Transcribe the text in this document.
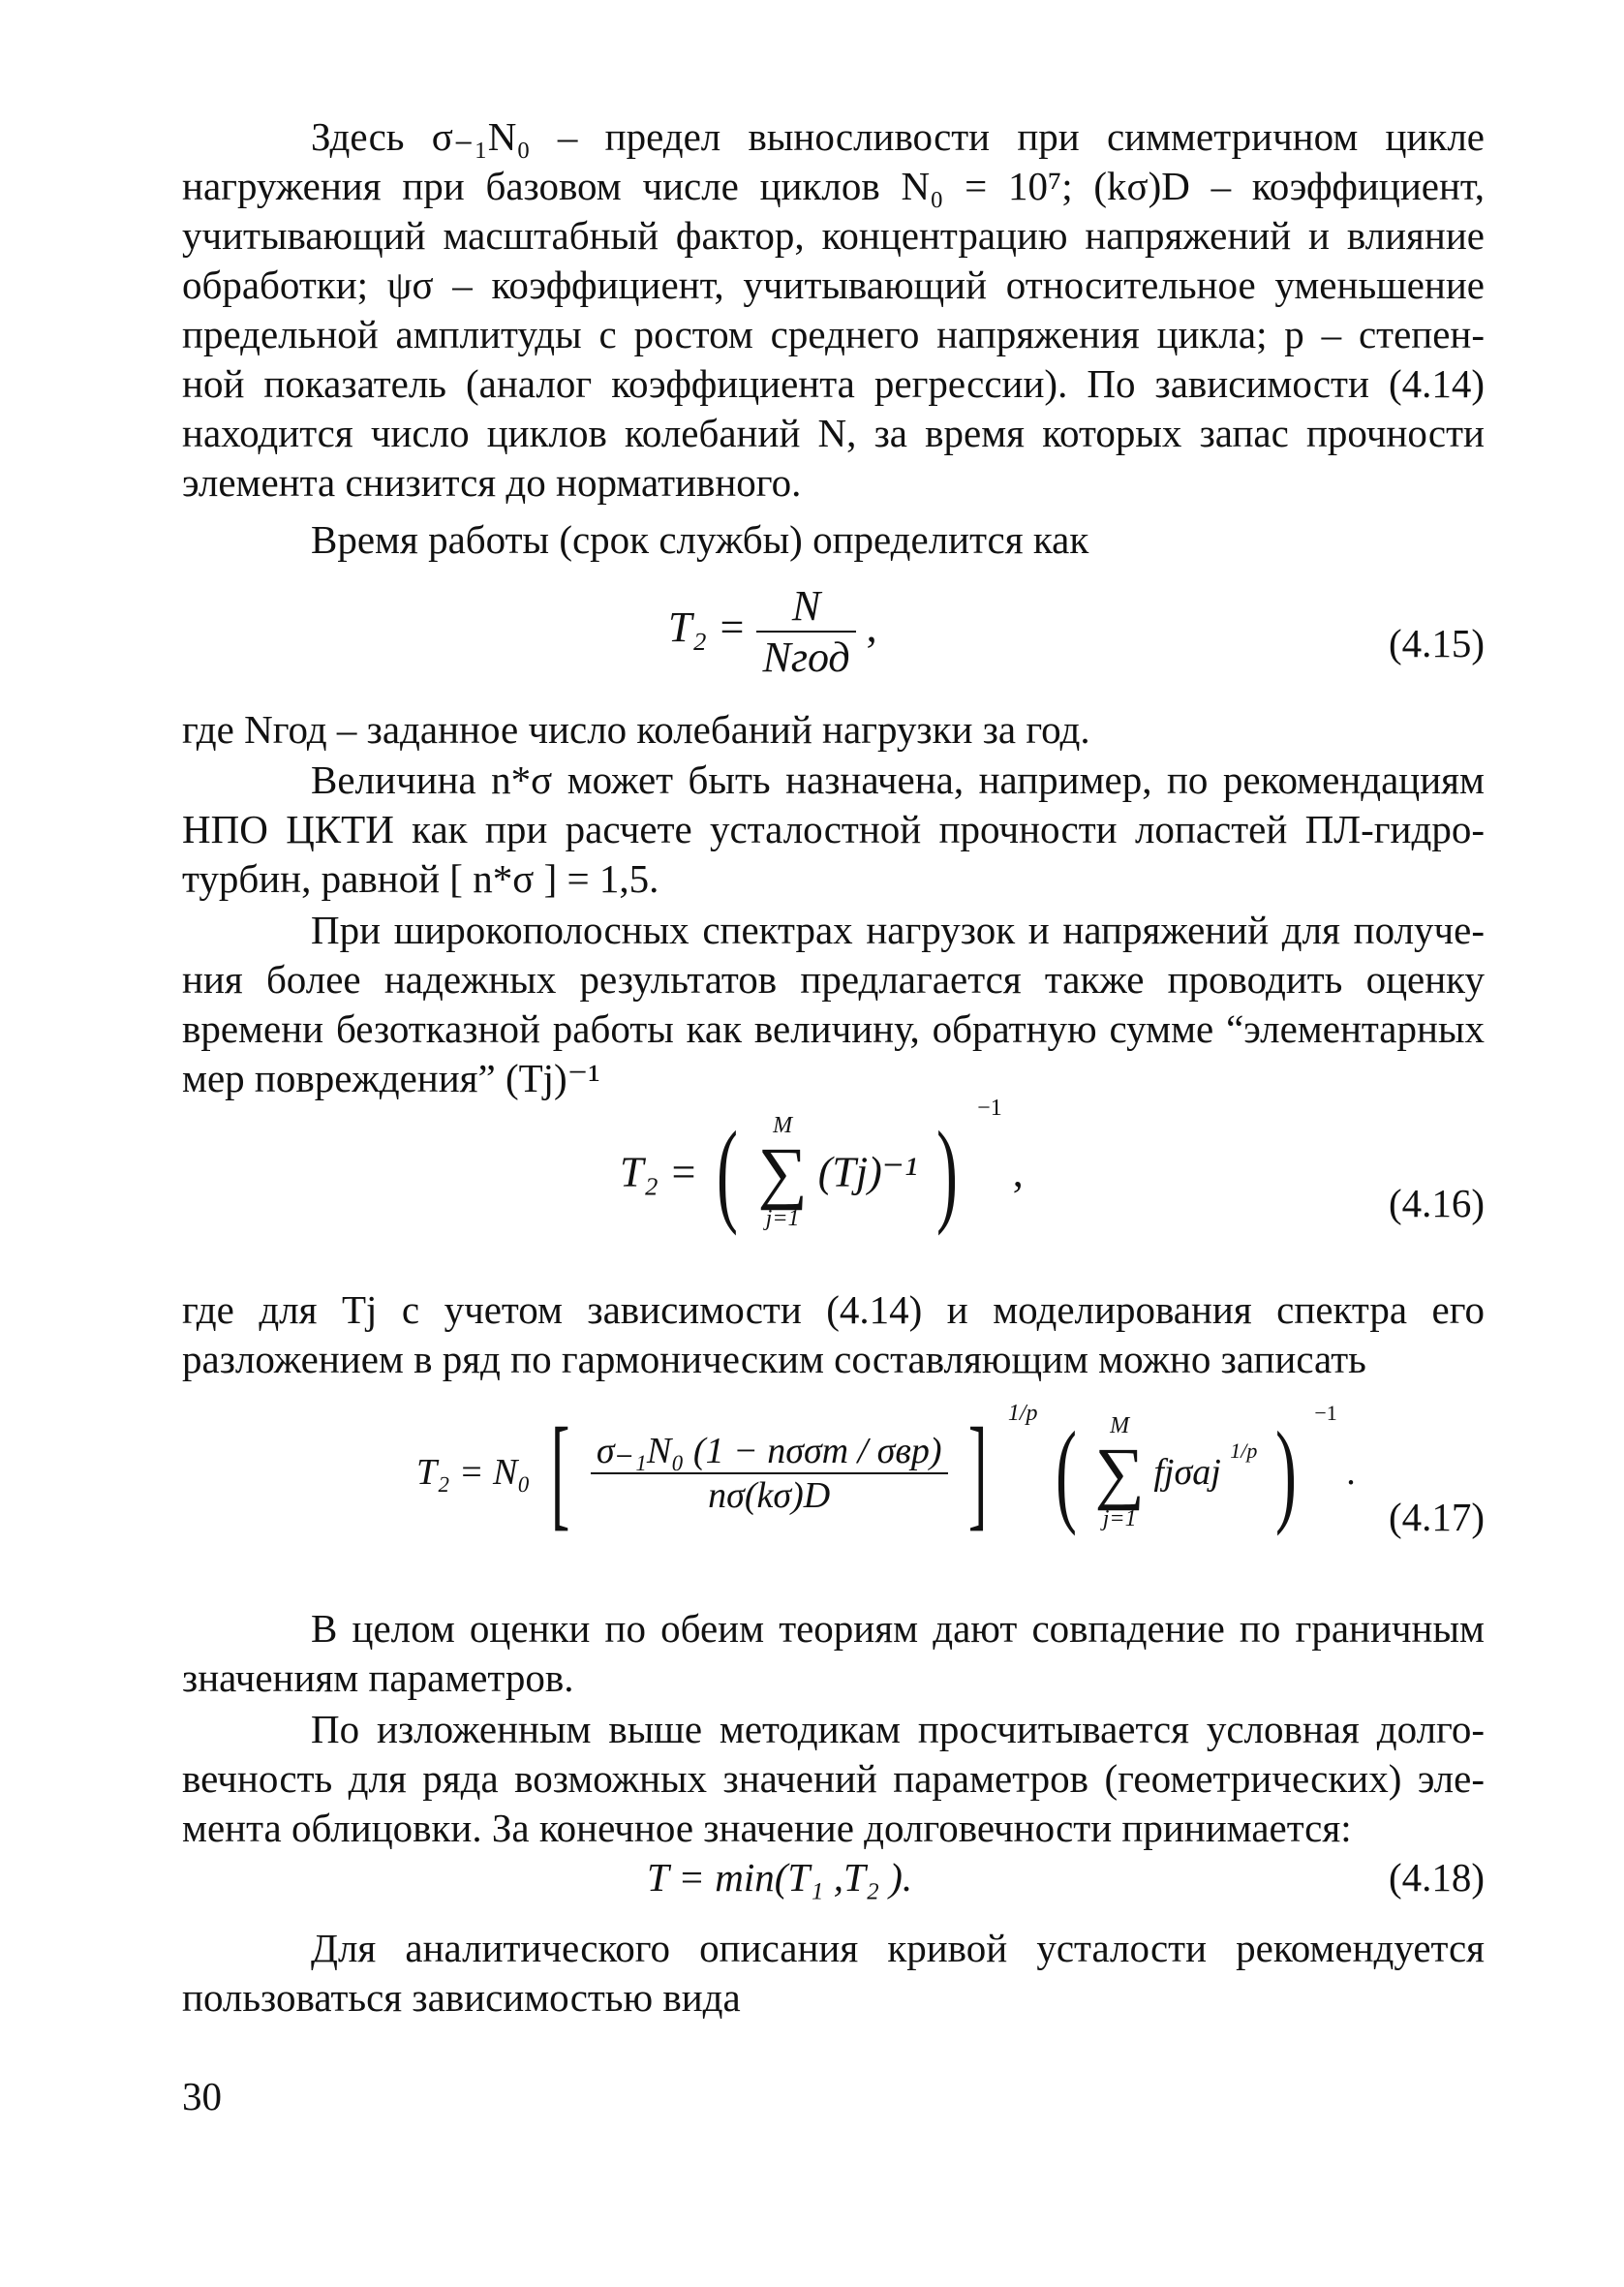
Здесь σ₋₁N₀ – предел выносливости при симметричном цикле
нагружения при базовом числе циклов N₀ = 10⁷; (kσ)D – коэффициент,
учитывающий масштабный фактор, концентрацию напряжений и влияние
обработки; ψσ – коэффициент, учитывающий относительное уменьшение
предельной амплитуды с ростом среднего напряжения цикла; p – степен-
ной показатель (аналог коэффициента регрессии). По зависимости (4.14)
находится число циклов колебаний N, за время которых запас прочности
элемента снизится до нормативного.
Время работы (срок службы) определится как
$T_2 = \frac{N}{\text{Nгод}}$ ,	(4.15)
где Nгод – заданное число колебаний нагрузки за год.
Величина n*σ может быть назначена, например, по рекомендациям
НПО ЦКТИ как при расчете усталостной прочности лопастей ПЛ-гидро-
турбин, равной [ n*σ ] = 1,5.
При широкополосных спектрах нагрузок и напряжений для получе-
ния более надежных результатов предлагается также проводить оценку
времени безотказной работы как величину, обратную сумме “элементарных
мер повреждения” (Tj)⁻¹
T₂ = (	M
∑
j=1
(Tj)⁻¹ ) $^{-1}$ ,
(4.16)
где для Tj с учетом зависимости (4.14) и моделирования спектра его
разложением в ряд по гармоническим составляющим можно записать
T₂ = N₀ [ $\frac{\text{σ₋₁N₀ (1 − nσσm / σвр)}}{n\sigma(k\sigma)D}$ ] $^{1/p}$ (	M
∑
j=1
fjσaj $^{1/p}$ ) $^{-1}$ .
(4.17)
В целом оценки по обеим теориям дают совпадение по граничным
значениям параметров.
По изложенным выше методикам просчитывается условная долго-
вечность для ряда возможных значений параметров (геометрических) эле-
мента облицовки. За конечное значение долговечности принимается:
T = min(T₁ ,T₂ ).	(4.18)
Для аналитического описания кривой усталости рекомендуется
пользоваться зависимостью вида
30
